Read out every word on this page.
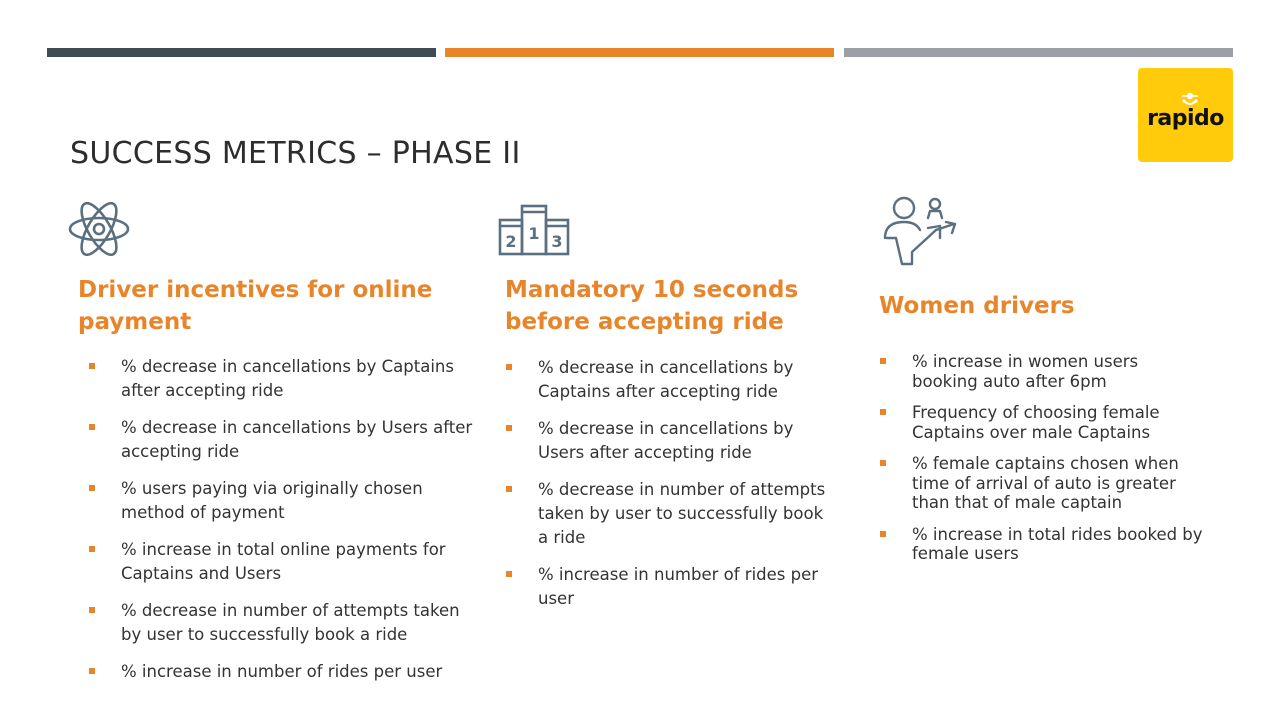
rapido
SUCCESS METRICS – PHASE II
Driver incentives for online
payment
% decrease in cancellations by Captains
after accepting ride
% decrease in cancellations by Users after
accepting ride
% users paying via originally chosen
method of payment
% increase in total online payments for
Captains and Users
% decrease in number of attempts taken
by user to successfully book a ride
% increase in number of rides per user
2 1 3
Mandatory 10 seconds
before accepting ride
% decrease in cancellations by
Captains after accepting ride
% decrease in cancellations by
Users after accepting ride
% decrease in number of attempts
taken by user to successfully book
a ride
% increase in number of rides per
user
Women drivers
% increase in women users
booking auto after 6pm
Frequency of choosing female
Captains over male Captains
% female captains chosen when
time of arrival of auto is greater
than that of male captain
% increase in total rides booked by
female users
